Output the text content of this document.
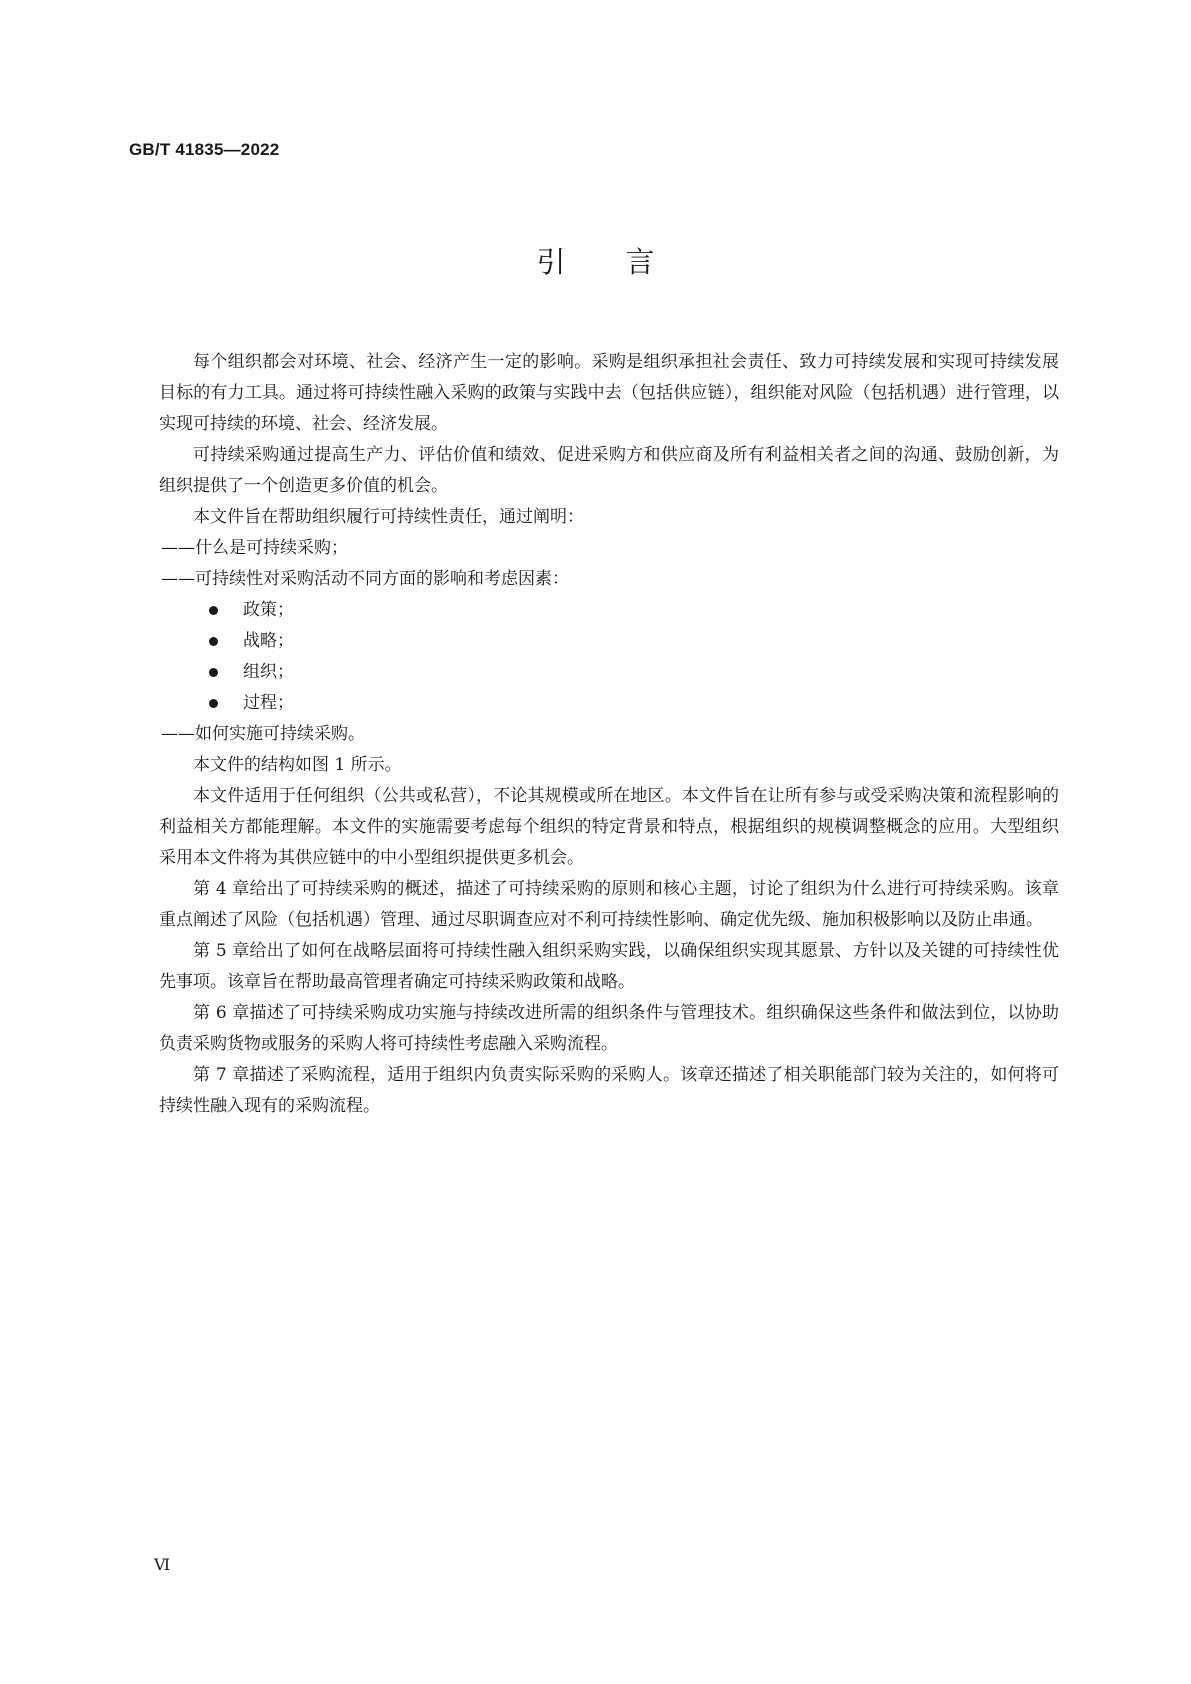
GB/T 41835—2022
引 言

每个组织都会对环境、社会、经济产生一定的影响。采购是组织承担社会责任、致力可持续发展和实现可持续发展目标的有力工具。通过将可持续性融入采购的政策与实践中去（包括供应链），组织能对风险（包括机遇）进行管理，以实现可持续的环境、社会、经济发展。

可持续采购通过提高生产力、评估价值和绩效、促进采购方和供应商及所有利益相关者之间的沟通、鼓励创新，为组织提供了一个创造更多价值的机会。

本文件旨在帮助组织履行可持续性责任，通过阐明：

——什么是可持续采购；

——可持续性对采购活动不同方面的影响和考虑因素：

政策；

战略；

组织；

过程；

——如何实施可持续采购。

本文件的结构如图 1 所示。

本文件适用于任何组织（公共或私营），不论其规模或所在地区。本文件旨在让所有参与或受采购决策和流程影响的利益相关方都能理解。本文件的实施需要考虑每个组织的特定背景和特点，根据组织的规模调整概念的应用。大型组织采用本文件将为其供应链中的中小型组织提供更多机会。

第 4 章给出了可持续采购的概述，描述了可持续采购的原则和核心主题，讨论了组织为什么进行可持续采购。该章重点阐述了风险（包括机遇）管理、通过尽职调查应对不利可持续性影响、确定优先级、施加积极影响以及防止串通。

第 5 章给出了如何在战略层面将可持续性融入组织采购实践，以确保组织实现其愿景、方针以及关键的可持续性优先事项。该章旨在帮助最高管理者确定可持续采购政策和战略。

第 6 章描述了可持续采购成功实施与持续改进所需的组织条件与管理技术。组织确保这些条件和做法到位，以协助负责采购货物或服务的采购人将可持续性考虑融入采购流程。

第 7 章描述了采购流程，适用于组织内负责实际采购的采购人。该章还描述了相关职能部门较为关注的，如何将可持续性融入现有的采购流程。

Ⅵ
